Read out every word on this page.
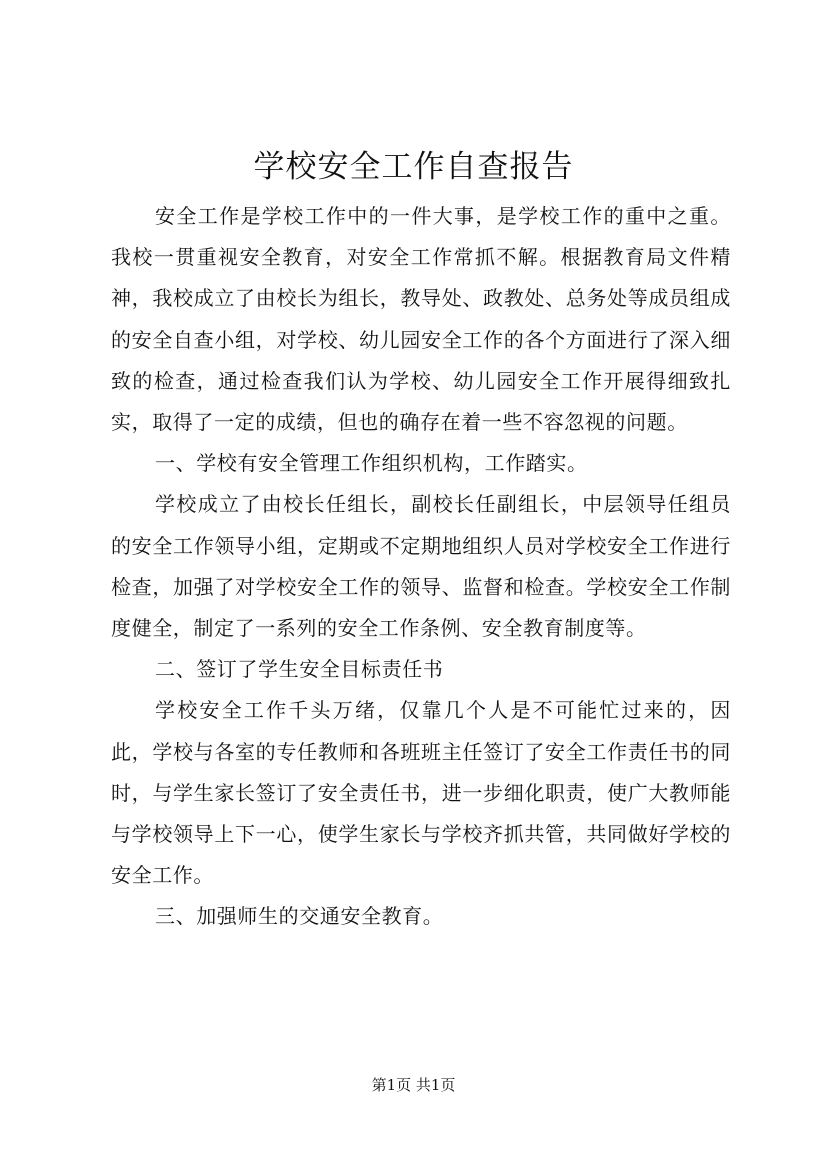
学校安全工作自查报告

安全工作是学校工作中的一件大事，是学校工作的重中之重。我校一贯重视安全教育，对安全工作常抓不解。根据教育局文件精神，我校成立了由校长为组长，教导处、政教处、总务处等成员组成的安全自查小组，对学校、幼儿园安全工作的各个方面进行了深入细致的检查，通过检查我们认为学校、幼儿园安全工作开展得细致扎实，取得了一定的成绩，但也的确存在着一些不容忽视的问题。

一、学校有安全管理工作组织机构，工作踏实。

学校成立了由校长任组长，副校长任副组长，中层领导任组员的安全工作领导小组，定期或不定期地组织人员对学校安全工作进行检查，加强了对学校安全工作的领导、监督和检查。学校安全工作制度健全，制定了一系列的安全工作条例、安全教育制度等。

二、签订了学生安全目标责任书

学校安全工作千头万绪，仅靠几个人是不可能忙过来的，因此，学校与各室的专任教师和各班班主任签订了安全工作责任书的同时，与学生家长签订了安全责任书，进一步细化职责，使广大教师能与学校领导上下一心，使学生家长与学校齐抓共管，共同做好学校的安全工作。

三、加强师生的交通安全教育。

第1页 共1页
